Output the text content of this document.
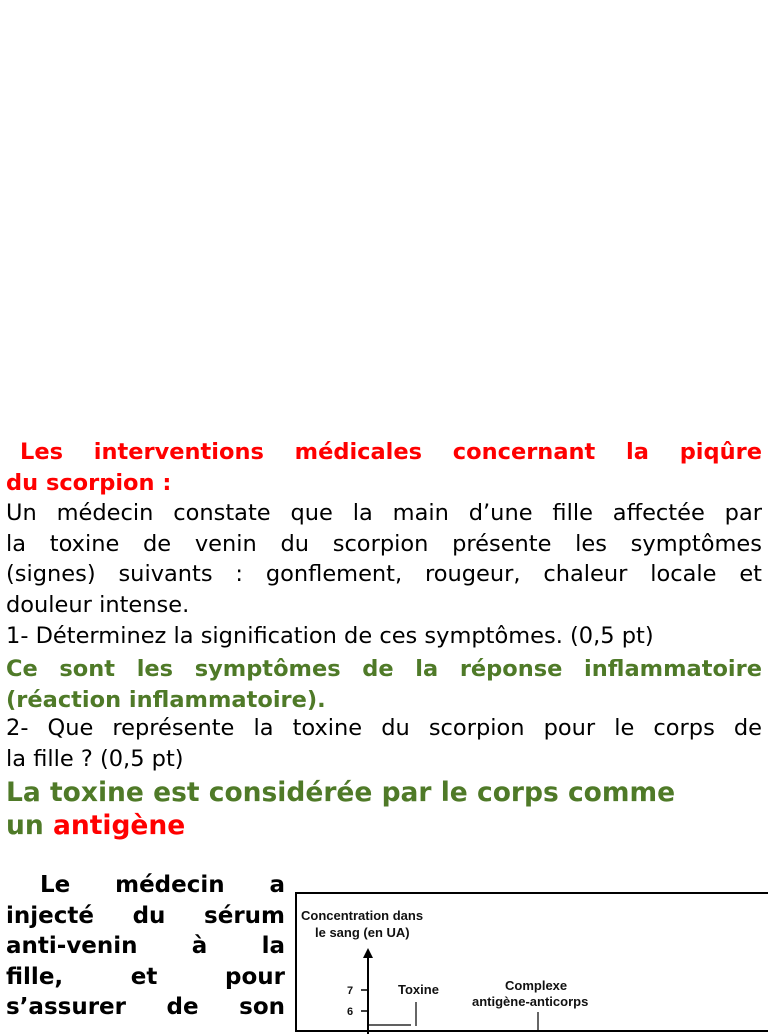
Les interventions médicales concernant la piqûre
du scorpion :
Un médecin constate que la main d’une fille affectée par
la toxine de venin du scorpion présente les symptômes
(signes) suivants : gonflement, rougeur, chaleur locale et
douleur intense.
1- Déterminez la signification de ces symptômes. (0,5 pt)
Ce sont les symptômes de la réponse inflammatoire
(réaction inflammatoire).
2- Que représente la toxine du scorpion pour le corps de
la fille ? (0,5 pt)
La toxine est considérée par le corps comme
un antigène
Le médecin a
injecté du sérum
anti-venin à la
fille, et pour
s’assurer de son
Concentration dans
le sang (en UA)
7
6
Toxine	Complexe
antigène-anticorps
